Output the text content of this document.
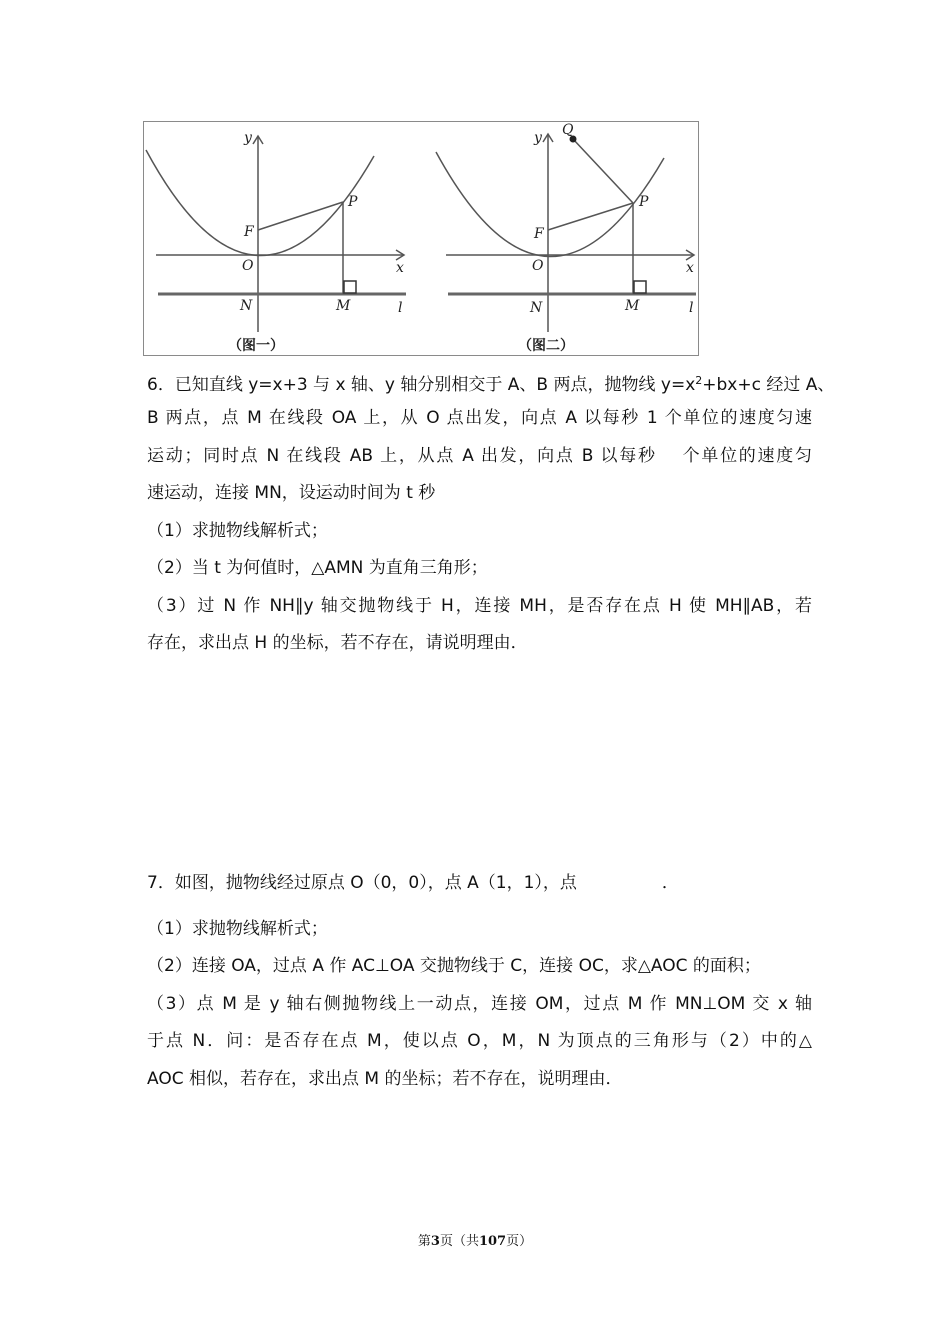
y
x
F
P
O
N	M	l
（图一）
y Q
x
F
P
O
N	M	l
（图二）
6．已知直线 y=x+3 与 x 轴、y 轴分别相交于 A、B 两点，抛物线 $y=x^2+bx+c$ 经过 A、
B 两点，点 M 在线段 OA 上，从 O 点出发，向点 A 以每秒 1 个单位的速度匀速
运动；同时点 N 在线段 AB 上，从点 A 出发，向点 B 以每秒　 个单位的速度匀
速运动，连接 MN，设运动时间为 t 秒
（1）求抛物线解析式；
（2）当 t 为何值时，△AMN 为直角三角形；
（3）过 N 作 NH∥y 轴交抛物线于 H，连接 MH，是否存在点 H 使 MH∥AB，若
存在，求出点 H 的坐标，若不存在，请说明理由．
7．如图，抛物线经过原点 O（0，0），点 A（1，1），点　　　　　．
（1）求抛物线解析式；
（2）连接 OA，过点 A 作 AC⊥OA 交抛物线于 C，连接 OC，求△AOC 的面积；
（3）点 M 是 y 轴右侧抛物线上一动点，连接 OM，过点 M 作 MN⊥OM 交 x 轴
于点 N．问：是否存在点 M，使以点 O，M，N 为顶点的三角形与（2）中的△
AOC 相似，若存在，求出点 M 的坐标；若不存在，说明理由．
第3页（共107页）
